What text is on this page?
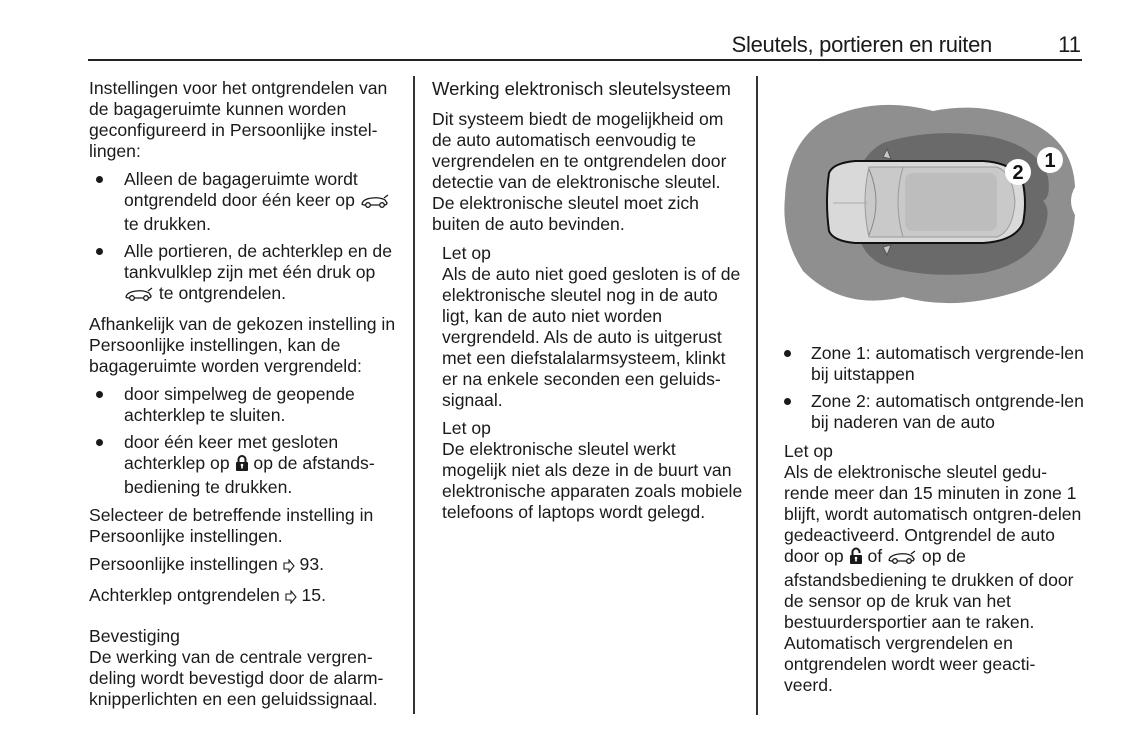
Sleutels, portieren en ruiten	11

Instellingen voor het ontgrendelen van de bagageruimte kunnen worden geconfigureerd in Persoonlijke instel-lingen:

Alleen de bagageruimte wordt ontgrendeld door één keer op  te drukken.
Alle portieren, de achterklep en de tankvulklep zijn met één druk op  te ontgrendelen.

Afhankelijk van de gekozen instelling in Persoonlijke instellingen, kan de bagageruimte worden vergrendeld:

door simpelweg de geopende achterklep te sluiten.
door één keer met gesloten achterklep op  op de afstands-bediening te drukken.

Selecteer de betreffende instelling in Persoonlijke instellingen.

Persoonlijke instellingen 93.

Achterklep ontgrendelen 15.

Bevestiging

De werking van de centrale vergren-deling wordt bevestigd door de alarm-knipperlichten en een geluidssignaal.

Werking elektronisch sleutelsysteem

Dit systeem biedt de mogelijkheid om de auto automatisch eenvoudig te vergrendelen en te ontgrendelen door detectie van de elektronische sleutel. De elektronische sleutel moet zich buiten de auto bevinden.

Let op

Als de auto niet goed gesloten is of de elektronische sleutel nog in de auto ligt, kan de auto niet worden vergrendeld. Als de auto is uitgerust met een diefstalalarmsysteem, klinkt er na enkele seconden een geluids-signaal.

Let op

De elektronische sleutel werkt mogelijk niet als deze in de buurt van elektronische apparaten zoals mobiele telefoons of laptops wordt gelegd.

2
1
Zone 1: automatisch vergrende-len bij uitstappen
Zone 2: automatisch ontgrende-len bij naderen van de auto

Let op

Als de elektronische sleutel gedu-rende meer dan 15 minuten in zone 1 blijft, wordt automatisch ontgren-delen gedeactiveerd. Ontgrendel de auto door op  of  op de afstandsbediening te drukken of door de sensor op de kruk van het bestuurdersportier aan te raken. Automatisch vergrendelen en ontgrendelen wordt weer geacti-veerd.
